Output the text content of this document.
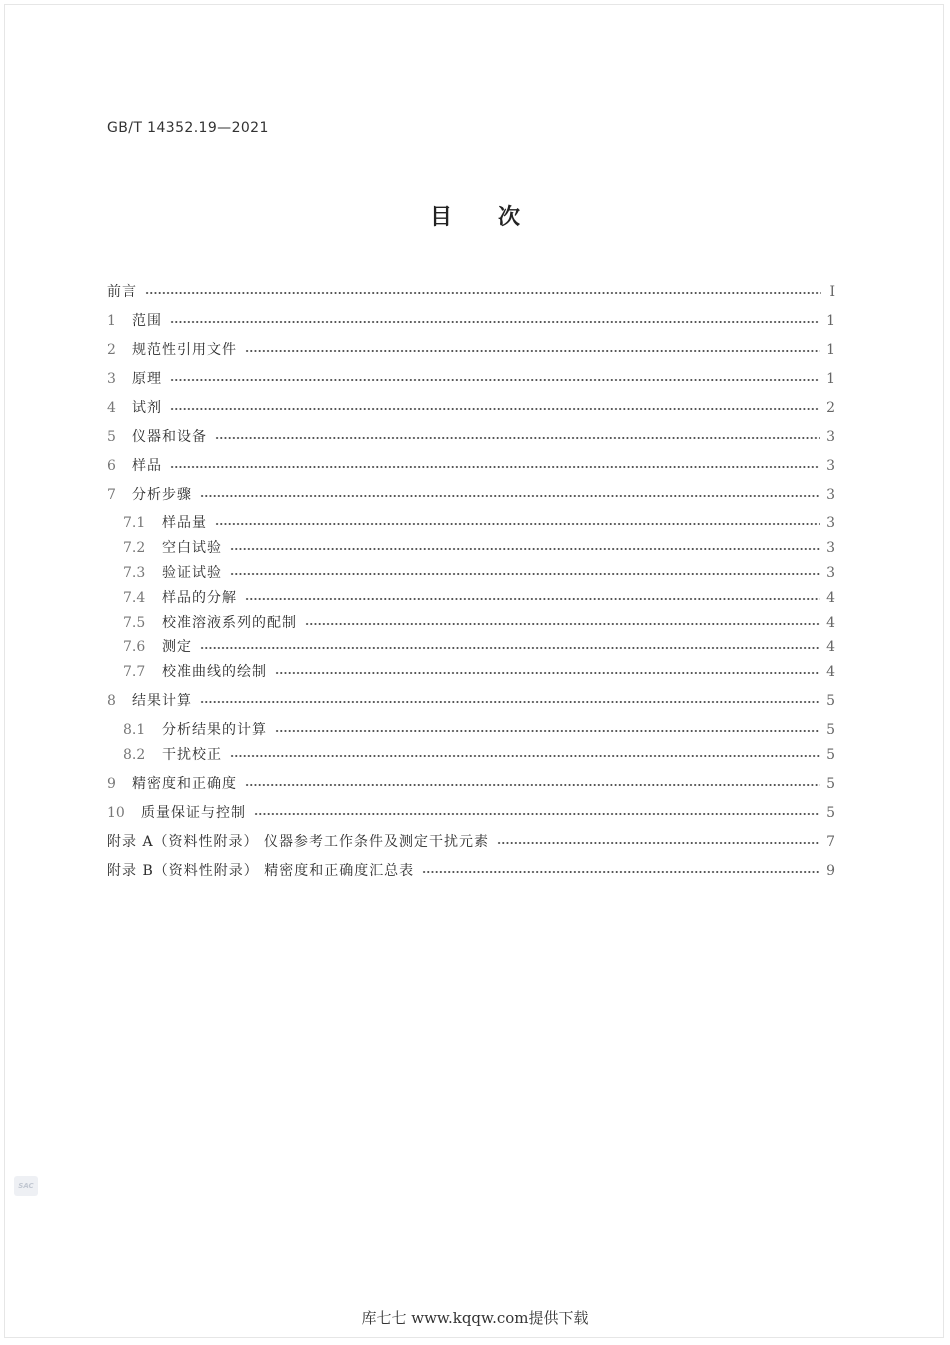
GB/T 14352.19—2021
目次
前言	I
1	范围	1
2	规范性引用文件	1
3	原理	1
4	试剂	2
5	仪器和设备	3
6	样品	3
7	分析步骤	3
7.1	样品量	3
7.2	空白试验	3
7.3	验证试验	3
7.4	样品的分解	4
7.5	校准溶液系列的配制	4
7.6	测定	4
7.7	校准曲线的绘制	4
8	结果计算	5
8.1	分析结果的计算	5
8.2	干扰校正	5
9	精密度和正确度	5
10	质量保证与控制	5
附录 A（资料性附录） 仪器参考工作条件及测定干扰元素	7
附录 B（资料性附录） 精密度和正确度汇总表	9
SAC
库七七 www.kqqw.com提供下载
